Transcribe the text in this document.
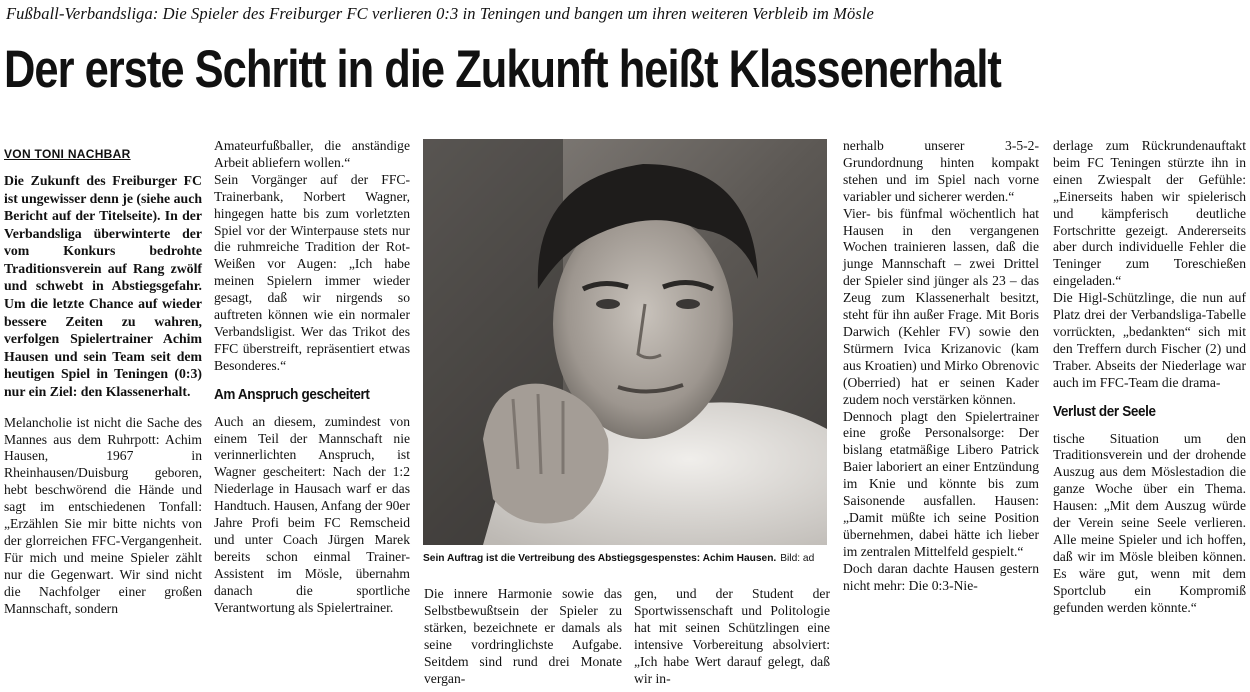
Fußball-Verbandsliga: Die Spieler des Freiburger FC verlieren 0:3 in Teningen und bangen um ihren weiteren Verbleib im Mösle
Der erste Schritt in die Zukunft heißt Klassenerhalt

VON TONI NACHBAR

Die Zukunft des Freiburger FC ist ungewisser denn je (siehe auch Bericht auf der Titelseite). In der Verbandsliga überwinterte der vom Konkurs bedrohte Traditionsverein auf Rang zwölf und schwebt in Abstiegsgefahr. Um die letzte Chance auf wieder bessere Zeiten zu wahren, verfolgen Spielertrainer Achim Hausen und sein Team seit dem heutigen Spiel in Teningen (0:3) nur ein Ziel: den Klassenerhalt.

Melancholie ist nicht die Sache des Mannes aus dem Ruhrpott: Achim Hausen, 1967 in Rheinhausen/Duisburg geboren, hebt beschwörend die Hände und sagt im entschiedenen Tonfall: „Erzählen Sie mir bitte nichts von der glorreichen FFC-Vergangenheit. Für mich und meine Spieler zählt nur die Gegenwart. Wir sind nicht die Nachfolger einer großen Mannschaft, sondern

Amateurfußballer, die anständige Arbeit abliefern wollen.“

Sein Vorgänger auf der FFC-Trainerbank, Norbert Wagner, hingegen hatte bis zum vorletzten Spiel vor der Winterpause stets nur die ruhmreiche Tradition der Rot-Weißen vor Augen: „Ich habe meinen Spielern immer wieder gesagt, daß wir nirgends so auftreten können wie ein normaler Verbandsligist. Wer das Trikot des FFC überstreift, repräsentiert etwas Besonderes.“

Am Anspruch gescheitert

Auch an diesem, zumindest von einem Teil der Mannschaft nie verinnerlichten Anspruch, ist Wagner gescheitert: Nach der 1:2 Niederlage in Hausach warf er das Handtuch. Hausen, Anfang der 90er Jahre Profi beim FC Remscheid und unter Coach Jürgen Marek bereits schon einmal Trainer-Assistent im Mösle, übernahm danach die sportliche Verantwortung als Spielertrainer.

Sein Auftrag ist die Vertreibung des Abstiegsgespenstes: Achim Hausen. Bild: ad

Die innere Harmonie sowie das Selbstbewußtsein der Spieler zu stärken, bezeichnete er damals als seine vordringlichste Aufgabe. Seitdem sind rund drei Monate vergan-

gen, und der Student der Sportwissenschaft und Politologie hat mit seinen Schützlingen eine intensive Vorbereitung absolviert: „Ich habe Wert darauf gelegt, daß wir in-

nerhalb unserer 3-5-2-Grundordnung hinten kompakt stehen und im Spiel nach vorne variabler und sicherer werden.“

Vier- bis fünfmal wöchentlich hat Hausen in den vergangenen Wochen trainieren lassen, daß die junge Mannschaft – zwei Drittel der Spieler sind jünger als 23 – das Zeug zum Klassenerhalt besitzt, steht für ihn außer Frage. Mit Boris Darwich (Kehler FV) sowie den Stürmern Ivica Krizanovic (kam aus Kroatien) und Mirko Obrenovic (Oberried) hat er seinen Kader zudem noch verstärken können.

Dennoch plagt den Spielertrainer eine große Personalsorge: Der bislang etatmäßige Libero Patrick Baier laboriert an einer Entzündung im Knie und könnte bis zum Saisonende ausfallen. Hausen: „Damit müßte ich seine Position übernehmen, dabei hätte ich lieber im zentralen Mittelfeld gespielt.“

Doch daran dachte Hausen gestern nicht mehr: Die 0:3-Nie-

derlage zum Rückrundenauftakt beim FC Teningen stürzte ihn in einen Zwiespalt der Gefühle: „Einerseits haben wir spielerisch und kämpferisch deutliche Fortschritte gezeigt. Andererseits aber durch individuelle Fehler die Teninger zum Toreschießen eingeladen.“

Die Higl-Schützlinge, die nun auf Platz drei der Verbandsliga-Tabelle vorrückten, „bedankten“ sich mit den Treffern durch Fischer (2) und Traber. Abseits der Niederlage war auch im FFC-Team die drama-

Verlust der Seele

tische Situation um den Traditionsverein und der drohende Auszug aus dem Möslestadion die ganze Woche über ein Thema. Hausen: „Mit dem Auszug würde der Verein seine Seele verlieren. Alle meine Spieler und ich hoffen, daß wir im Mösle bleiben können. Es wäre gut, wenn mit dem Sportclub ein Kompromiß gefunden werden könnte.“
